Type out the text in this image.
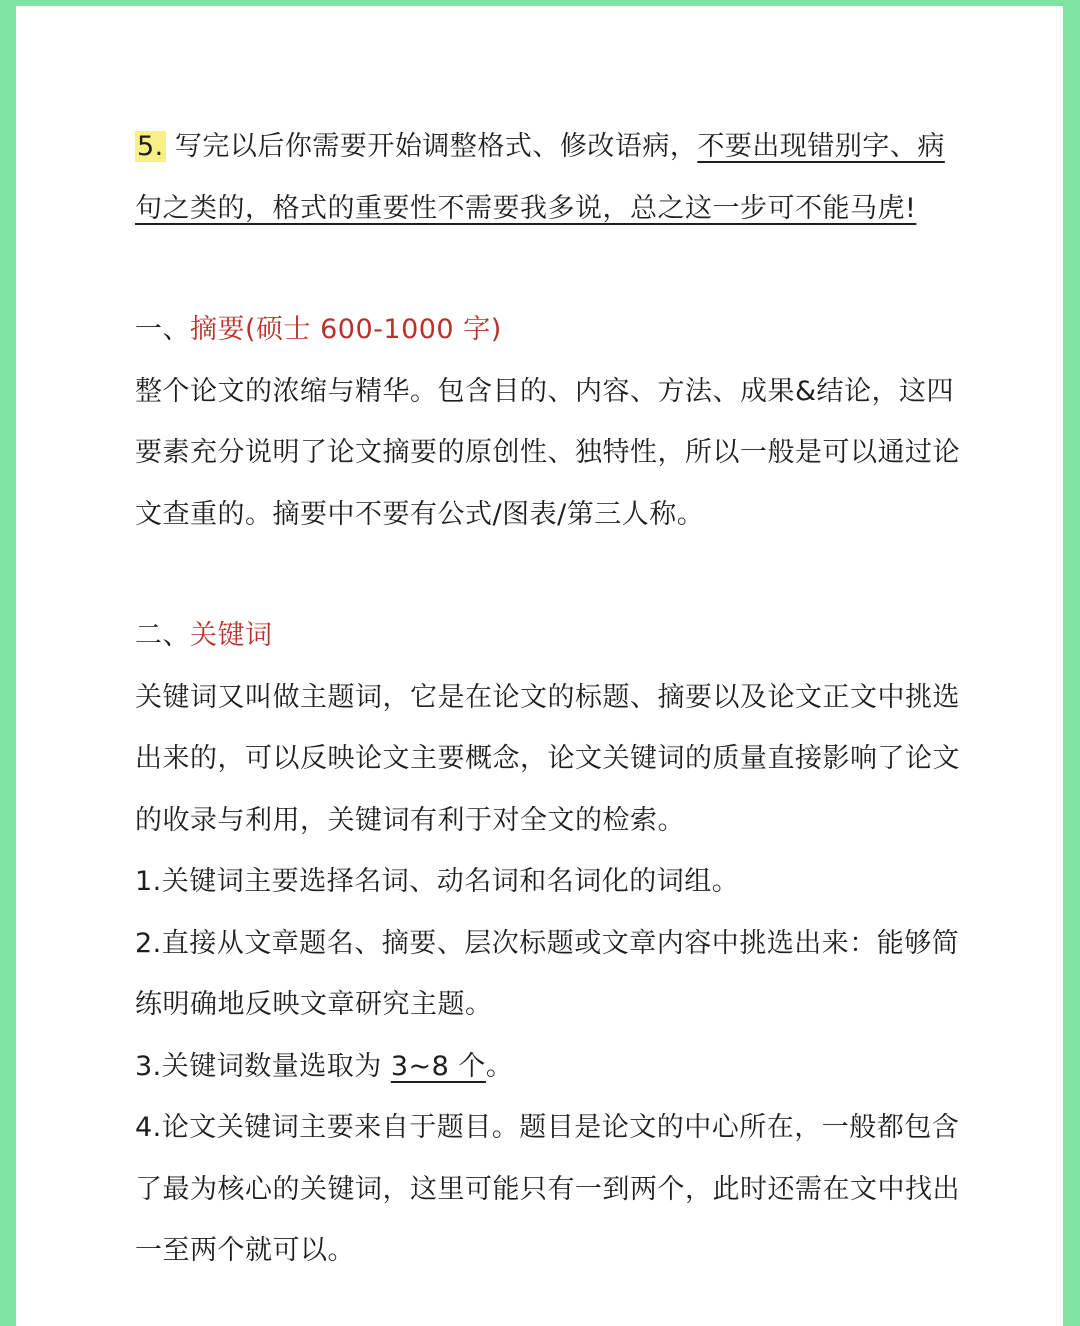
5. 写完以后你需要开始调整格式、修改语病，不要出现错别字、病
句之类的，格式的重要性不需要我多说，总之这一步可不能马虎!
一、摘要(硕士 600-1000 字)
整个论文的浓缩与精华。包含目的、内容、方法、成果&结论，这四
要素充分说明了论文摘要的原创性、独特性，所以一般是可以通过论
文查重的。摘要中不要有公式/图表/第三人称。
二、关键词
关键词又叫做主题词，它是在论文的标题、摘要以及论文正文中挑选
出来的，可以反映论文主要概念，论文关键词的质量直接影响了论文
的收录与利用，关键词有利于对全文的检索。
1.关键词主要选择名词、动名词和名词化的词组。
2.直接从文章题名、摘要、层次标题或文章内容中挑选出来：能够简
练明确地反映文章研究主题。
3.关键词数量选取为 3~8 个。
4.论文关键词主要来自于题目。题目是论文的中心所在，一般都包含
了最为核心的关键词，这里可能只有一到两个，此时还需在文中找出
一至两个就可以。
